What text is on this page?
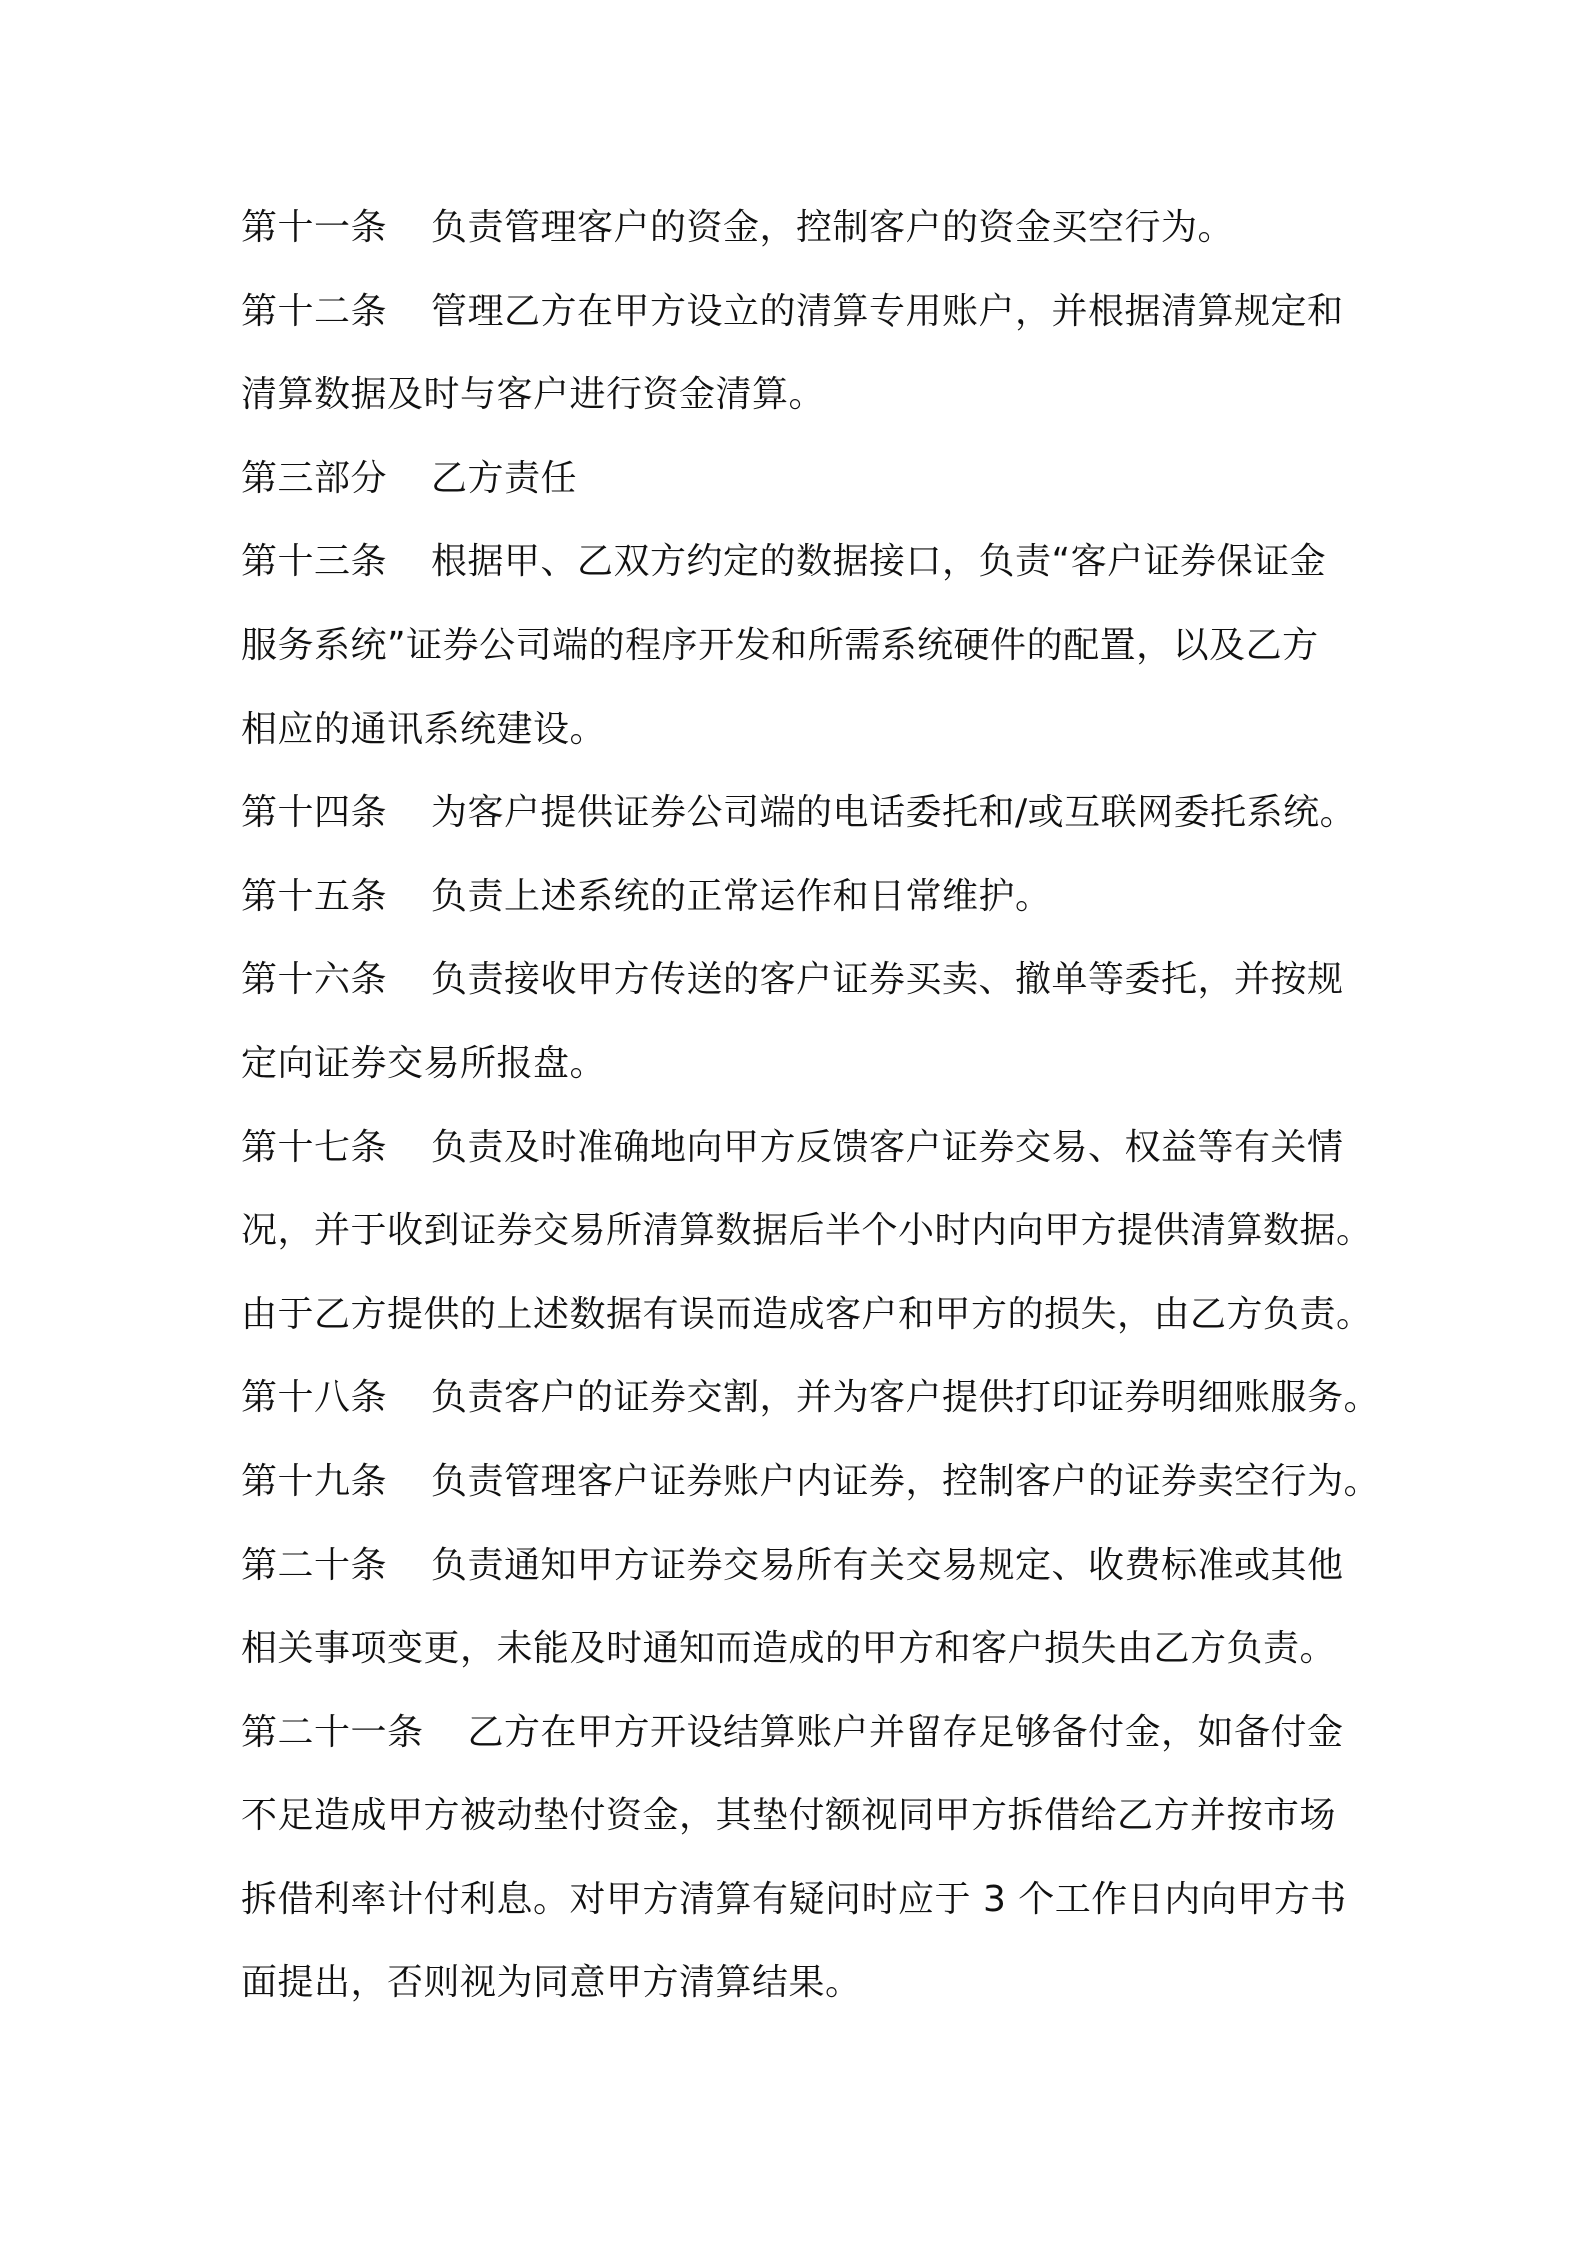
第十一条 负责管理客户的资金，控制客户的资金买空行为。
第十二条 管理乙方在甲方设立的清算专用账户，并根据清算规定和
清算数据及时与客户进行资金清算。
第三部分 乙方责任
第十三条 根据甲、乙双方约定的数据接口，负责“客户证券保证金
服务系统”证券公司端的程序开发和所需系统硬件的配置，以及乙方
相应的通讯系统建设。
第十四条 为客户提供证券公司端的电话委托和/或互联网委托系统。
第十五条 负责上述系统的正常运作和日常维护。
第十六条 负责接收甲方传送的客户证券买卖、撤单等委托，并按规
定向证券交易所报盘。
第十七条 负责及时准确地向甲方反馈客户证券交易、权益等有关情
况，并于收到证券交易所清算数据后半个小时内向甲方提供清算数据。
由于乙方提供的上述数据有误而造成客户和甲方的损失，由乙方负责。
第十八条 负责客户的证券交割，并为客户提供打印证券明细账服务。
第十九条 负责管理客户证券账户内证券，控制客户的证券卖空行为。
第二十条 负责通知甲方证券交易所有关交易规定、收费标准或其他
相关事项变更，未能及时通知而造成的甲方和客户损失由乙方负责。
第二十一条 乙方在甲方开设结算账户并留存足够备付金，如备付金
不足造成甲方被动垫付资金，其垫付额视同甲方拆借给乙方并按市场
拆借利率计付利息。对甲方清算有疑问时应于 3 个工作日内向甲方书
面提出，否则视为同意甲方清算结果。
